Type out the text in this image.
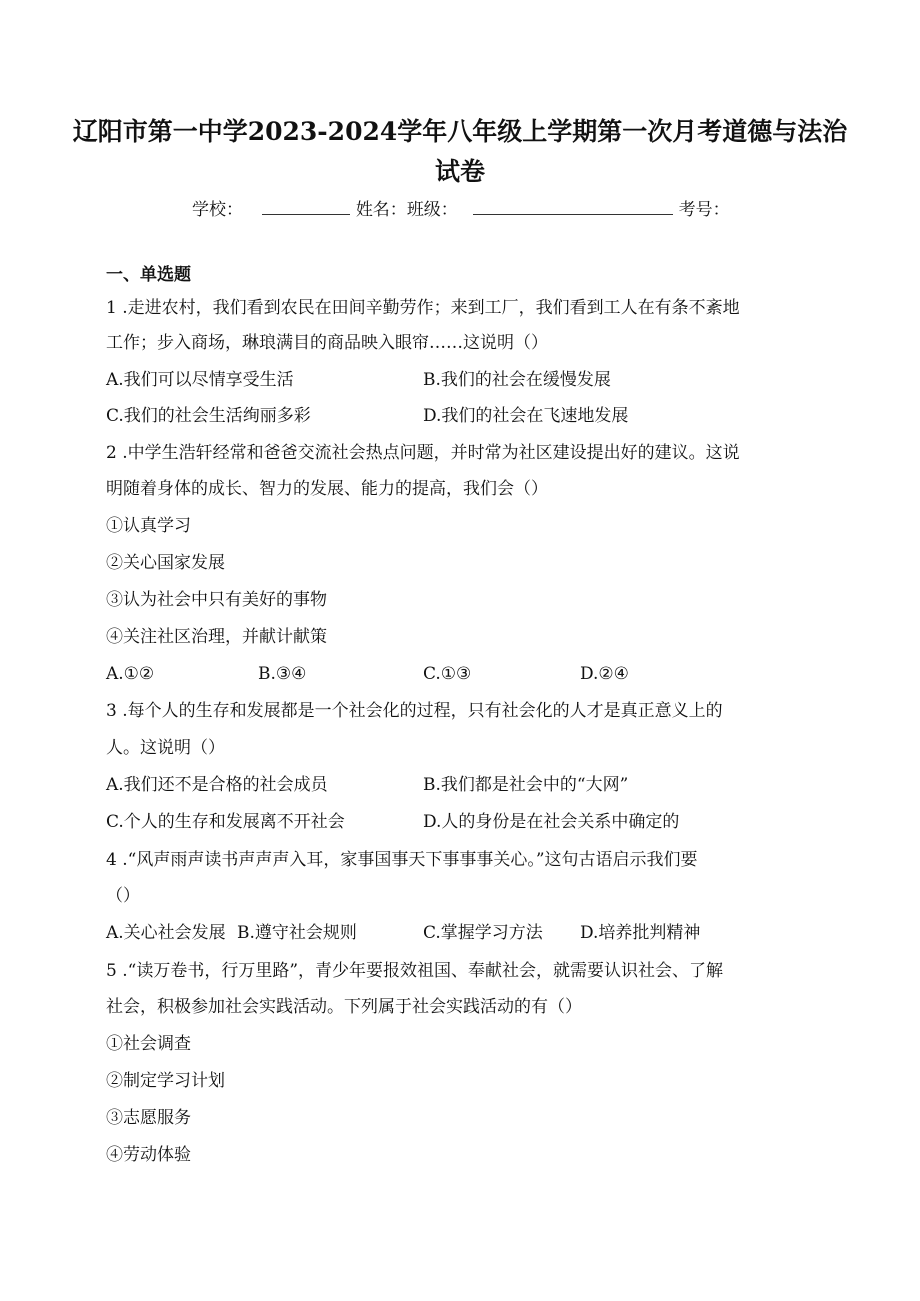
辽阳市第一中学2023-2024学年八年级上学期第一次月考道德与法治
试卷
学校：	姓名：班级：	考号：
一、单选题
1 .走进农村，我们看到农民在田间辛勤劳作；来到工厂，我们看到工人在有条不紊地
工作；步入商场，琳琅满目的商品映入眼帘……这说明（）
A.我们可以尽情享受生活	B.我们的社会在缓慢发展
C.我们的社会生活绚丽多彩	D.我们的社会在飞速地发展
2 .中学生浩轩经常和爸爸交流社会热点问题，并时常为社区建设提出好的建议。这说
明随着身体的成长、智力的发展、能力的提高，我们会（）
①认真学习
②关心国家发展
③认为社会中只有美好的事物
④关注社区治理，并献计献策
A.①②	B.③④	C.①③	D.②④
3 .每个人的生存和发展都是一个社会化的过程，只有社会化的人才是真正意义上的
人。这说明（）
A.我们还不是合格的社会成员	B.我们都是社会中的“大网”
C.个人的生存和发展离不开社会	D.人的身份是在社会关系中确定的
4 .“风声雨声读书声声声入耳，家事国事天下事事事关心。”这句古语启示我们要
（）
A.关心社会发展 B.遵守社会规则	C.掌握学习方法 D.培养批判精神
5 .“读万卷书，行万里路”，青少年要报效祖国、奉献社会，就需要认识社会、了解
社会，积极参加社会实践活动。下列属于社会实践活动的有（）
①社会调查
②制定学习计划
③志愿服务
④劳动体验
